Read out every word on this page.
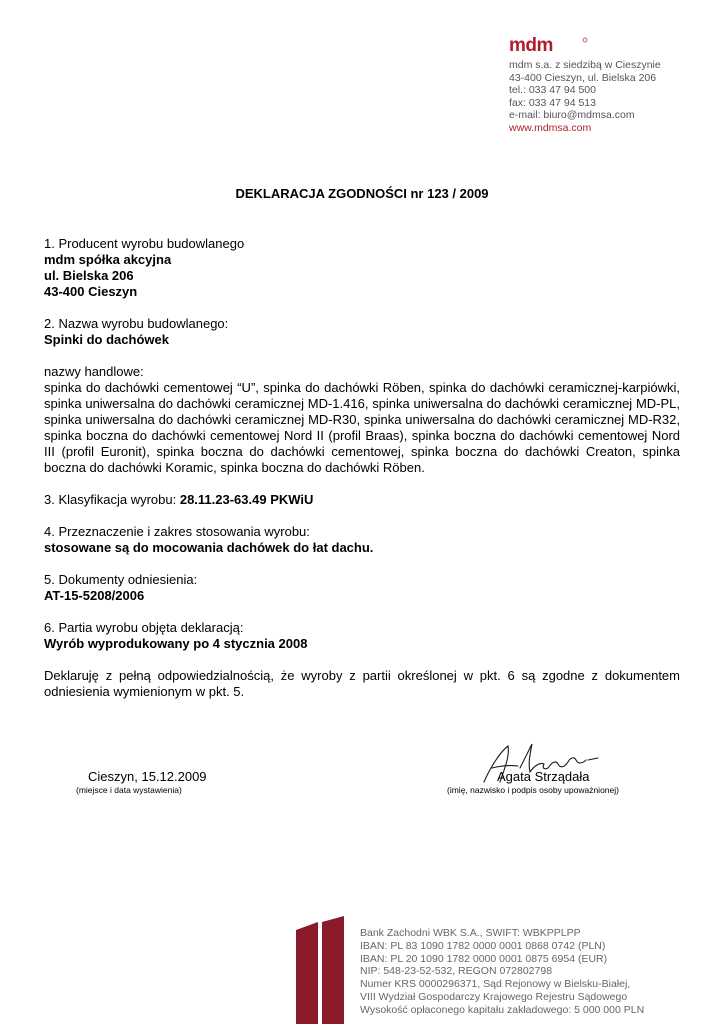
mdm
mdm s.a. z siedzibą w Cieszynie
43-400 Cieszyn, ul. Bielska 206
tel.: 033 47 94 500
fax: 033 47 94 513
e-mail: biuro@mdmsa.com
www.mdmsa.com
DEKLARACJA ZGODNOŚCI nr 123 / 2009
1. Producent wyrobu budowlanego
mdm spółka akcyjna
ul. Bielska 206
43-400 Cieszyn
2. Nazwa wyrobu budowlanego:
Spinki do dachówek
nazwy handlowe:
spinka do dachówki cementowej “U”, spinka do dachówki Röben, spinka do dachówki ceramicznej-karpiówki, spinka uniwersalna do dachówki ceramicznej MD-1.416, spinka uniwersalna do dachówki ceramicznej MD-PL, spinka uniwersalna do dachówki ceramicznej MD-R30, spinka uniwersalna do dachówki ceramicznej MD-R32, spinka boczna do dachówki cementowej Nord II (profil Braas), spinka boczna do dachówki cementowej Nord III (profil Euronit), spinka boczna do dachówki cementowej, spinka boczna do dachówki Creaton, spinka boczna do dachówki Koramic, spinka boczna do dachówki Röben.
3. Klasyfikacja wyrobu: 28.11.23-63.49 PKWiU
4. Przeznaczenie i zakres stosowania wyrobu:
stosowane są do mocowania dachówek do łat dachu.
5. Dokumenty odniesienia:
AT-15-5208/2006
6. Partia wyrobu objęta deklaracją:
Wyrób wyprodukowany po 4 stycznia 2008
Deklaruję z pełną odpowiedzialnością, że wyroby z partii określonej w pkt. 6 są zgodne z dokumentem odniesienia wymienionym w pkt. 5.
Cieszyn, 15.12.2009
(miejsce i data wystawienia)
Agata Strządała
(imię, nazwisko i podpis osoby upoważnionej)
Bank Zachodni WBK S.A., SWIFT: WBKPPLPP
IBAN: PL 83 1090 1782 0000 0001 0868 0742 (PLN)
IBAN: PL 20 1090 1782 0000 0001 0875 6954 (EUR)
NIP: 548-23-52-532, REGON 072802798
Numer KRS 0000296371, Sąd Rejonowy w Bielsku-Białej,
VIII Wydział Gospodarczy Krajowego Rejestru Sądowego
Wysokość opłaconego kapitału zakładowego: 5 000 000 PLN
